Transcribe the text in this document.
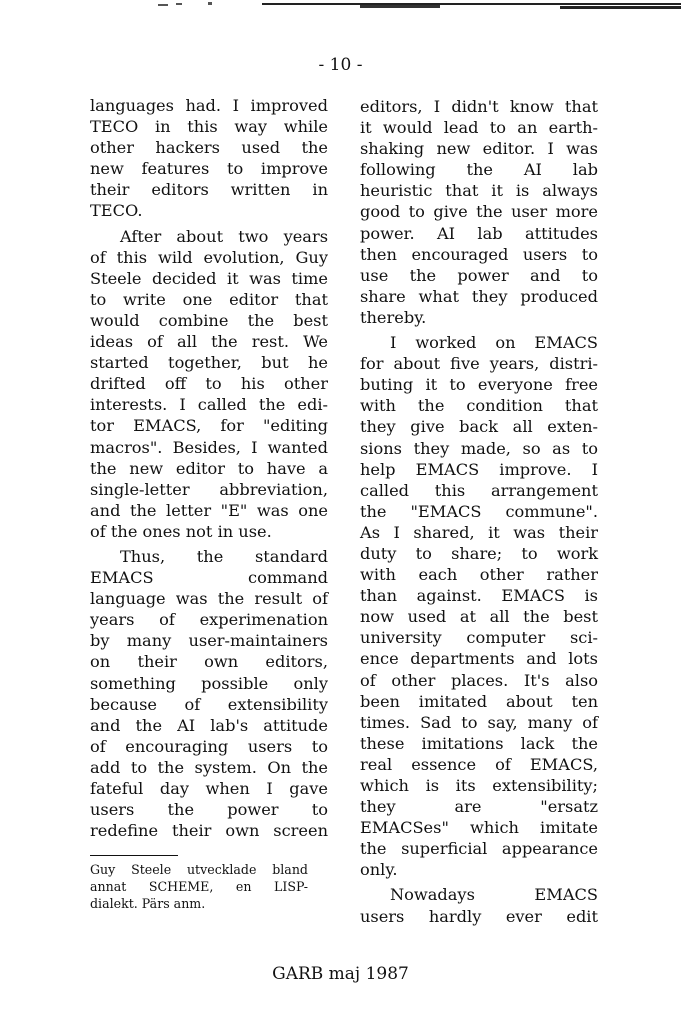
- 10 -
languages had. I improved
TECO in this way while
other hackers used the
new features to improve
their editors written in
TECO.
After about two years
of this wild evolution, Guy
Steele decided it was time
to write one editor that
would combine the best
ideas of all the rest. We
started together, but he
drifted off to his other
interests. I called the edi-
tor EMACS, for "editing
macros". Besides, I wanted
the new editor to have a
single-letter abbreviation,
and the letter "E" was one
of the ones not in use.
Thus, the standard
EMACS command
language was the result of
years of experimenation
by many user-maintainers
on their own editors,
something possible only
because of extensibility
and the AI lab's attitude
of encouraging users to
add to the system. On the
fateful day when I gave
users the power to
redefine their own screen
Guy Steele utvecklade bland
annat SCHEME, en LISP-
dialekt. Pärs anm.
editors, I didn't know that
it would lead to an earth-
shaking new editor. I was
following the AI lab
heuristic that it is always
good to give the user more
power. AI lab attitudes
then encouraged users to
use the power and to
share what they produced
thereby.
I worked on EMACS
for about five years, distri-
buting it to everyone free
with the condition that
they give back all exten-
sions they made, so as to
help EMACS improve. I
called this arrangement
the "EMACS commune".
As I shared, it was their
duty to share; to work
with each other rather
than against. EMACS is
now used at all the best
university computer sci-
ence departments and lots
of other places. It's also
been imitated about ten
times. Sad to say, many of
these imitations lack the
real essence of EMACS,
which is its extensibility;
they are "ersatz
EMACSes" which imitate
the superficial appearance
only.
Nowadays EMACS
users hardly ever edit
GARB maj 1987
